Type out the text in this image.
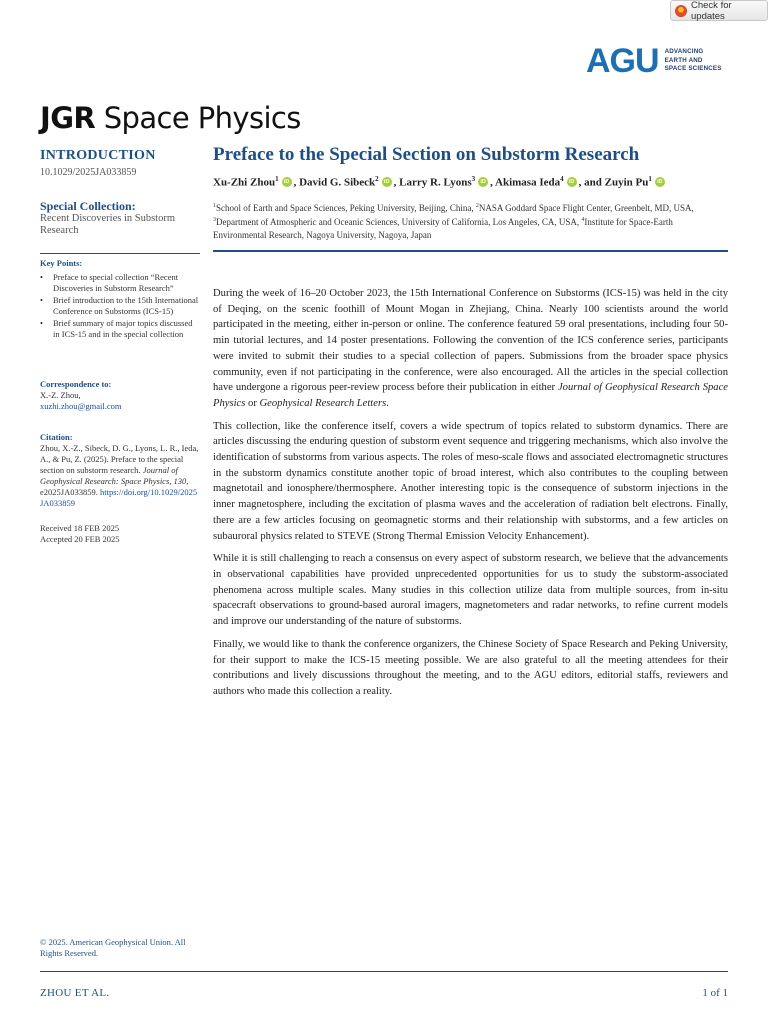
Check for updates
AGU ADVANCING
EARTH AND
SPACE SCIENCES
JGR Space Physics
INTRODUCTION
10.1029/2025JA033859
Special Collection:
Recent Discoveries in Substorm Research
Key Points:
• Preface to special collection “Recent Discoveries in Substorm Research”
• Brief introduction to the 15th International Conference on Substorms (ICS-15)
• Brief summary of major topics discussed in ICS-15 and in the special collection
Correspondence to:
X.-Z. Zhou,
xuzhi.zhou@gmail.com
Citation:
Zhou, X.-Z., Sibeck, D. G., Lyons, L. R., Ieda, A., & Pu, Z. (2025). Preface to the special section on substorm research. Journal of Geophysical Research: Space Physics, 130, e2025JA033859. https://doi.org/10.1029/2025JA033859
Received 18 FEB 2025
Accepted 20 FEB 2025
© 2025. American Geophysical Union. All Rights Reserved.
Preface to the Special Section on Substorm Research
Xu-Zhi Zhou$^1$ iD , David G. Sibeck$^2$ iD , Larry R. Lyons$^3$ iD , Akimasa Ieda$^4$ iD , and Zuyin Pu$^1$iD
$^1$School of Earth and Space Sciences, Peking University, Beijing, China, $^2$NASA Goddard Space Flight Center, Greenbelt, MD, USA, $^3$Department of Atmospheric and Oceanic Sciences, University of California, Los Angeles, CA, USA, $^4$Institute for Space-Earth Environmental Research, Nagoya University, Nagoya, Japan

During the week of 16–20 October 2023, the 15th International Conference on Substorms (ICS-15) was held in the city of Deqing, on the scenic foothill of Mount Mogan in Zhejiang, China. Nearly 100 scientists around the world participated in the meeting, either in-person or online. The conference featured 59 oral presentations, including four 50-min tutorial lectures, and 14 poster presentations. Following the convention of the ICS conference series, participants were invited to submit their studies to a special collection of papers. Submissions from the broader space physics community, even if not participating in the conference, were also encouraged. All the articles in the special collection have undergone a rigorous peer-review process before their publication in either Journal of Geophysical Research Space Physics or Geophysical Research Letters.

This collection, like the conference itself, covers a wide spectrum of topics related to substorm dynamics. There are articles discussing the enduring question of substorm event sequence and triggering mechanisms, which also involve the identification of substorms from various aspects. The roles of meso-scale flows and associated electromagnetic structures in the substorm dynamics constitute another topic of broad interest, which also contributes to the coupling between magnetotail and ionosphere/thermosphere. Another interesting topic is the consequence of substorm injections in the inner magnetosphere, including the excitation of plasma waves and the acceleration of radiation belt electrons. Finally, there are a few articles focusing on geomagnetic storms and their relationship with substorms, and a few articles on subauroral physics related to STEVE (Strong Thermal Emission Velocity Enhancement).

While it is still challenging to reach a consensus on every aspect of substorm research, we believe that the advancements in observational capabilities have provided unprecedented opportunities for us to study the substorm-associated phenomena across multiple scales. Many studies in this collection utilize data from multiple sources, from in-situ spacecraft observations to ground-based auroral imagers, magnetometers and radar networks, to refine current models and improve our understanding of the nature of substorms.

Finally, we would like to thank the conference organizers, the Chinese Society of Space Research and Peking University, for their support to make the ICS-15 meeting possible. We are also grateful to all the meeting attendees for their contributions and lively discussions throughout the meeting, and to the AGU editors, editorial staffs, reviewers and authors who made this collection a reality.

ZHOU ET AL.	1 of 1
